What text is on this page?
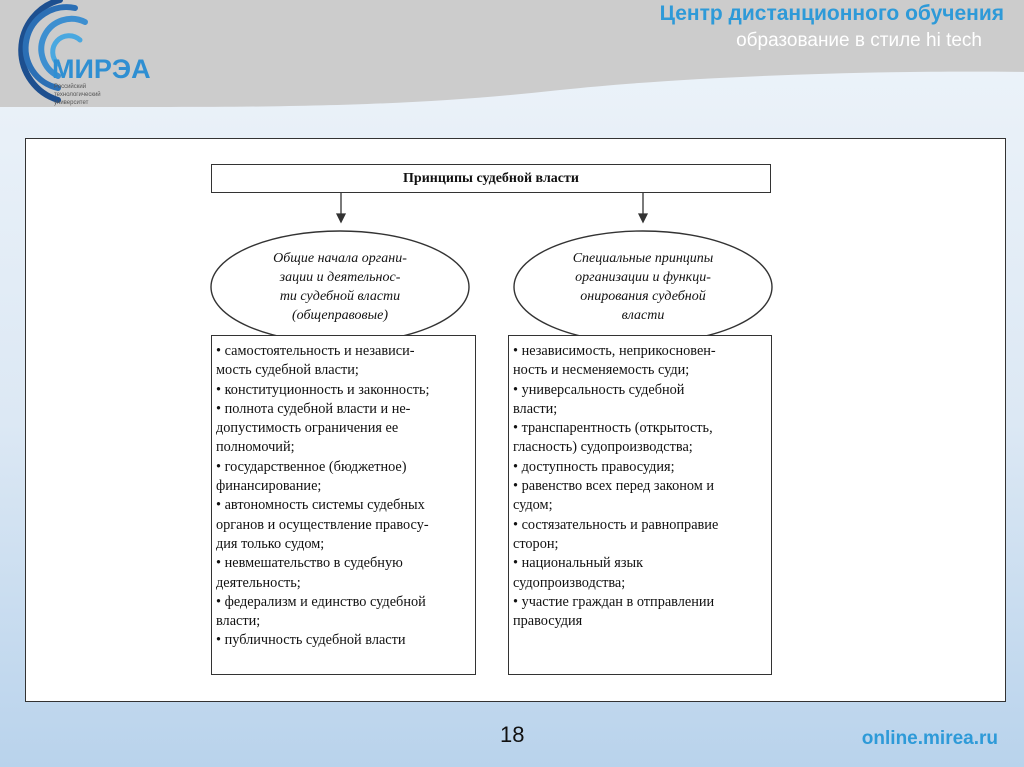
МИРЭА
Российский
технологический
университет
Центр дистанционного обучения
образование в стиле hi tech
Принципы судебной власти
Общие начала органи-
зации и деятельнос-
ти судебной власти
(общеправовые)
Специальные принципы
организации и функци-
онирования судебной
власти
• самостоятельность и независи-
мость судебной власти;
• конституционность и законность;
• полнота судебной власти и не-
допустимость ограничения ее
полномочий;
• государственное (бюджетное)
финансирование;
• автономность системы судебных
органов и осуществление правосу-
дия только судом;
• невмешательство в судебную
деятельность;
• федерализм и единство судебной
власти;
• публичность судебной власти
• независимость, неприкосновен-
ность и несменяемость суди;
• универсальность судебной
власти;
• транспарентность (открытость,
гласность) судопроизводства;
• доступность правосудия;
• равенство всех перед законом и
судом;
• состязательность и равноправие
сторон;
• национальный язык
судопроизводства;
• участие граждан в отправлении
правосудия
18	online.mirea.ru
